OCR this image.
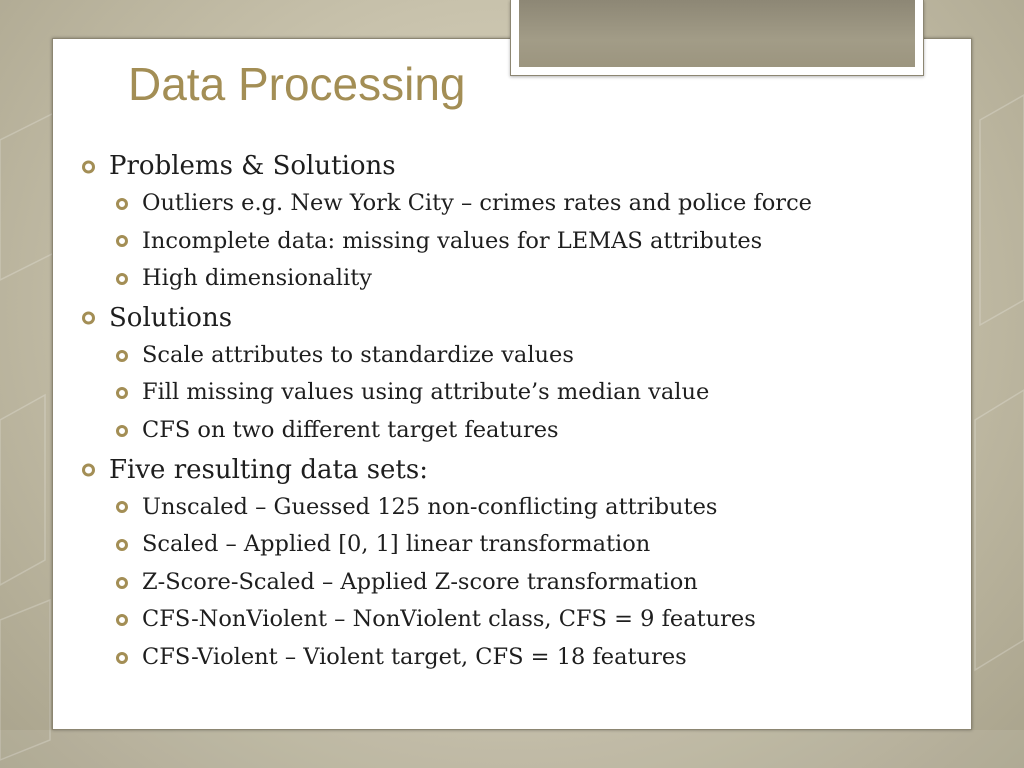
Data Processing
Problems & Solutions
Outliers e.g. New York City – crimes rates and police force
Incomplete data: missing values for LEMAS attributes
High dimensionality
Solutions
Scale attributes to standardize values
Fill missing values using attribute’s median value
CFS on two different target features
Five resulting data sets:
Unscaled – Guessed 125 non-conflicting attributes
Scaled – Applied [0, 1] linear transformation
Z-Score-Scaled – Applied Z-score transformation
CFS-NonViolent – NonViolent class, CFS = 9 features
CFS-Violent – Violent target, CFS = 18 features
